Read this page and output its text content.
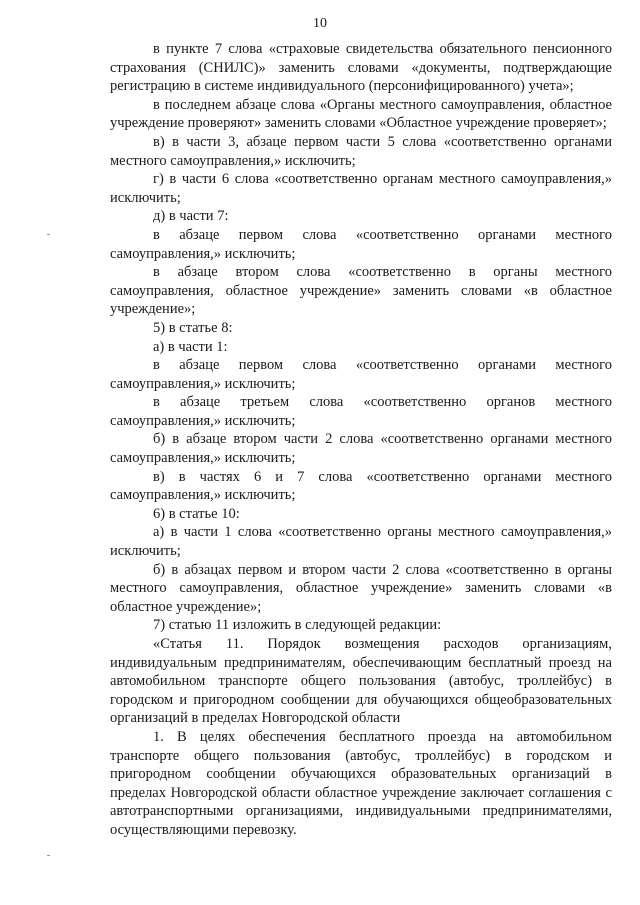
10

в пункте 7 слова «страховые свидетельства обязательного пенсионного страхования (СНИЛС)» заменить словами «документы, подтверждающие регистрацию в системе индивидуального (персонифицированного) учета»;

в последнем абзаце слова «Органы местного самоуправления, областное учреждение проверяют» заменить словами «Областное учреждение проверяет»;

в) в части 3, абзаце первом части 5 слова «соответственно органами местного самоуправления,» исключить;

г) в части 6 слова «соответственно органам местного самоуправления,» исключить;

д) в части 7:

в абзаце первом слова «соответственно органами местного самоуправления,» исключить;

в абзаце втором слова «соответственно в органы местного самоуправления, областное учреждение» заменить словами «в областное учреждение»;

5) в статье 8:

а) в части 1:

в абзаце первом слова «соответственно органами местного самоуправления,» исключить;

в абзаце третьем слова «соответственно органов местного самоуправления,» исключить;

б) в абзаце втором части 2 слова «соответственно органами местного самоуправления,» исключить;

в) в частях 6 и 7 слова «соответственно органами местного самоуправления,» исключить;

6) в статье 10:

а) в части 1 слова «соответственно органы местного самоуправления,» исключить;

б) в абзацах первом и втором части 2 слова «соответственно в органы местного самоуправления, областное учреждение» заменить словами «в областное учреждение»;

7) статью 11 изложить в следующей редакции:

«Статья 11. Порядок возмещения расходов организациям, индивидуальным предпринимателям, обеспечивающим бесплатный проезд на автомобильном транспорте общего пользования (автобус, троллейбус) в городском и пригородном сообщении для обучающихся общеобразовательных организаций в пределах Новгородской области

1. В целях обеспечения бесплатного проезда на автомобильном транспорте общего пользования (автобус, троллейбус) в городском и пригородном сообщении обучающихся образовательных организаций в пределах Новгородской области областное учреждение заключает соглашения с автотранспортными организациями, индивидуальными предпринимателями, осуществляющими перевозку.
